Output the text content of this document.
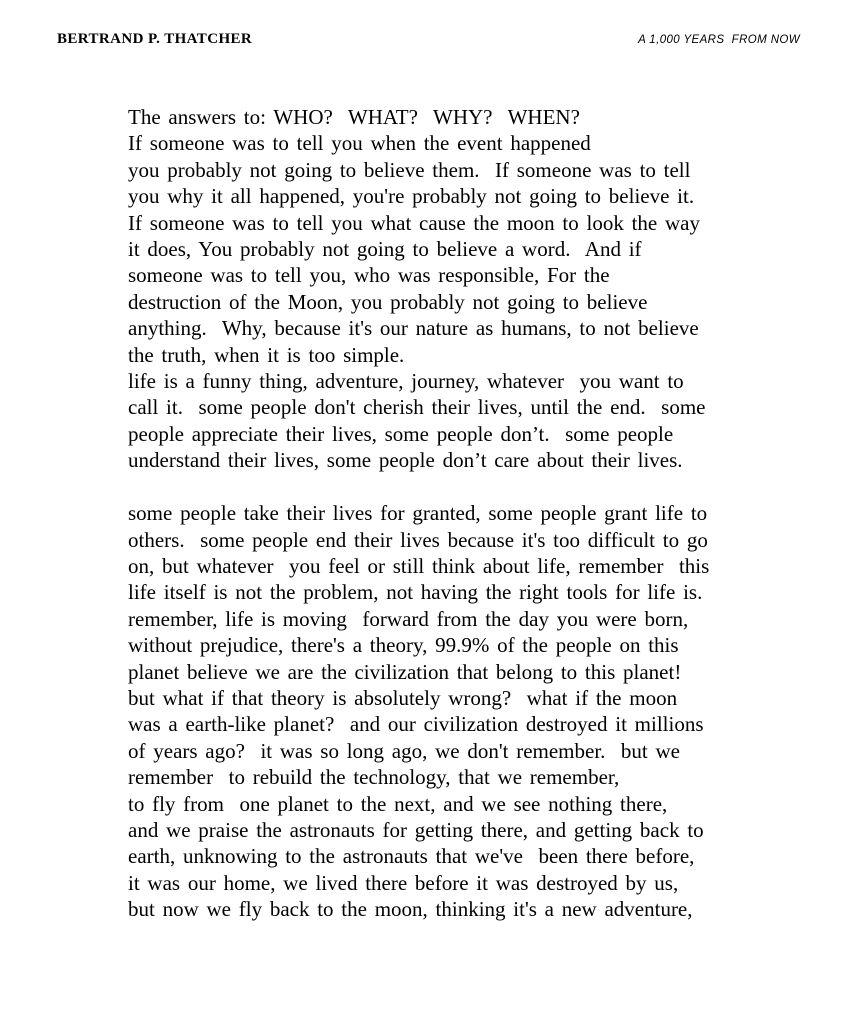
BERTRAND P. THATCHER	A 1,000 YEARS  FROM NOW
The answers to: WHO?  WHAT?  WHY?  WHEN?
If someone was to tell you when the event happened
you probably not going to believe them.  If someone was to tell
you why it all happened, you're probably not going to believe it.
If someone was to tell you what cause the moon to look the way
it does, You probably not going to believe a word.  And if
someone was to tell you, who was responsible, For the
destruction of the Moon, you probably not going to believe
anything.  Why, because it's our nature as humans, to not believe
the truth, when it is too simple.
life is a funny thing, adventure, journey, whatever  you want to
call it.  some people don't cherish their lives, until the end.  some
people appreciate their lives, some people don’t.  some people
understand their lives, some people don’t care about their lives.

some people take their lives for granted, some people grant life to
others.  some people end their lives because it's too difficult to go
on, but whatever  you feel or still think about life, remember  this
life itself is not the problem, not having the right tools for life is.
remember, life is moving  forward from the day you were born,
without prejudice, there's a theory, 99.9% of the people on this
planet believe we are the civilization that belong to this planet!
but what if that theory is absolutely wrong?  what if the moon
was a earth-like planet?  and our civilization destroyed it millions
of years ago?  it was so long ago, we don't remember.  but we
remember  to rebuild the technology, that we remember,
to fly from  one planet to the next, and we see nothing there,
and we praise the astronauts for getting there, and getting back to
earth, unknowing to the astronauts that we've  been there before,
it was our home, we lived there before it was destroyed by us,
but now we fly back to the moon, thinking it's a new adventure,
